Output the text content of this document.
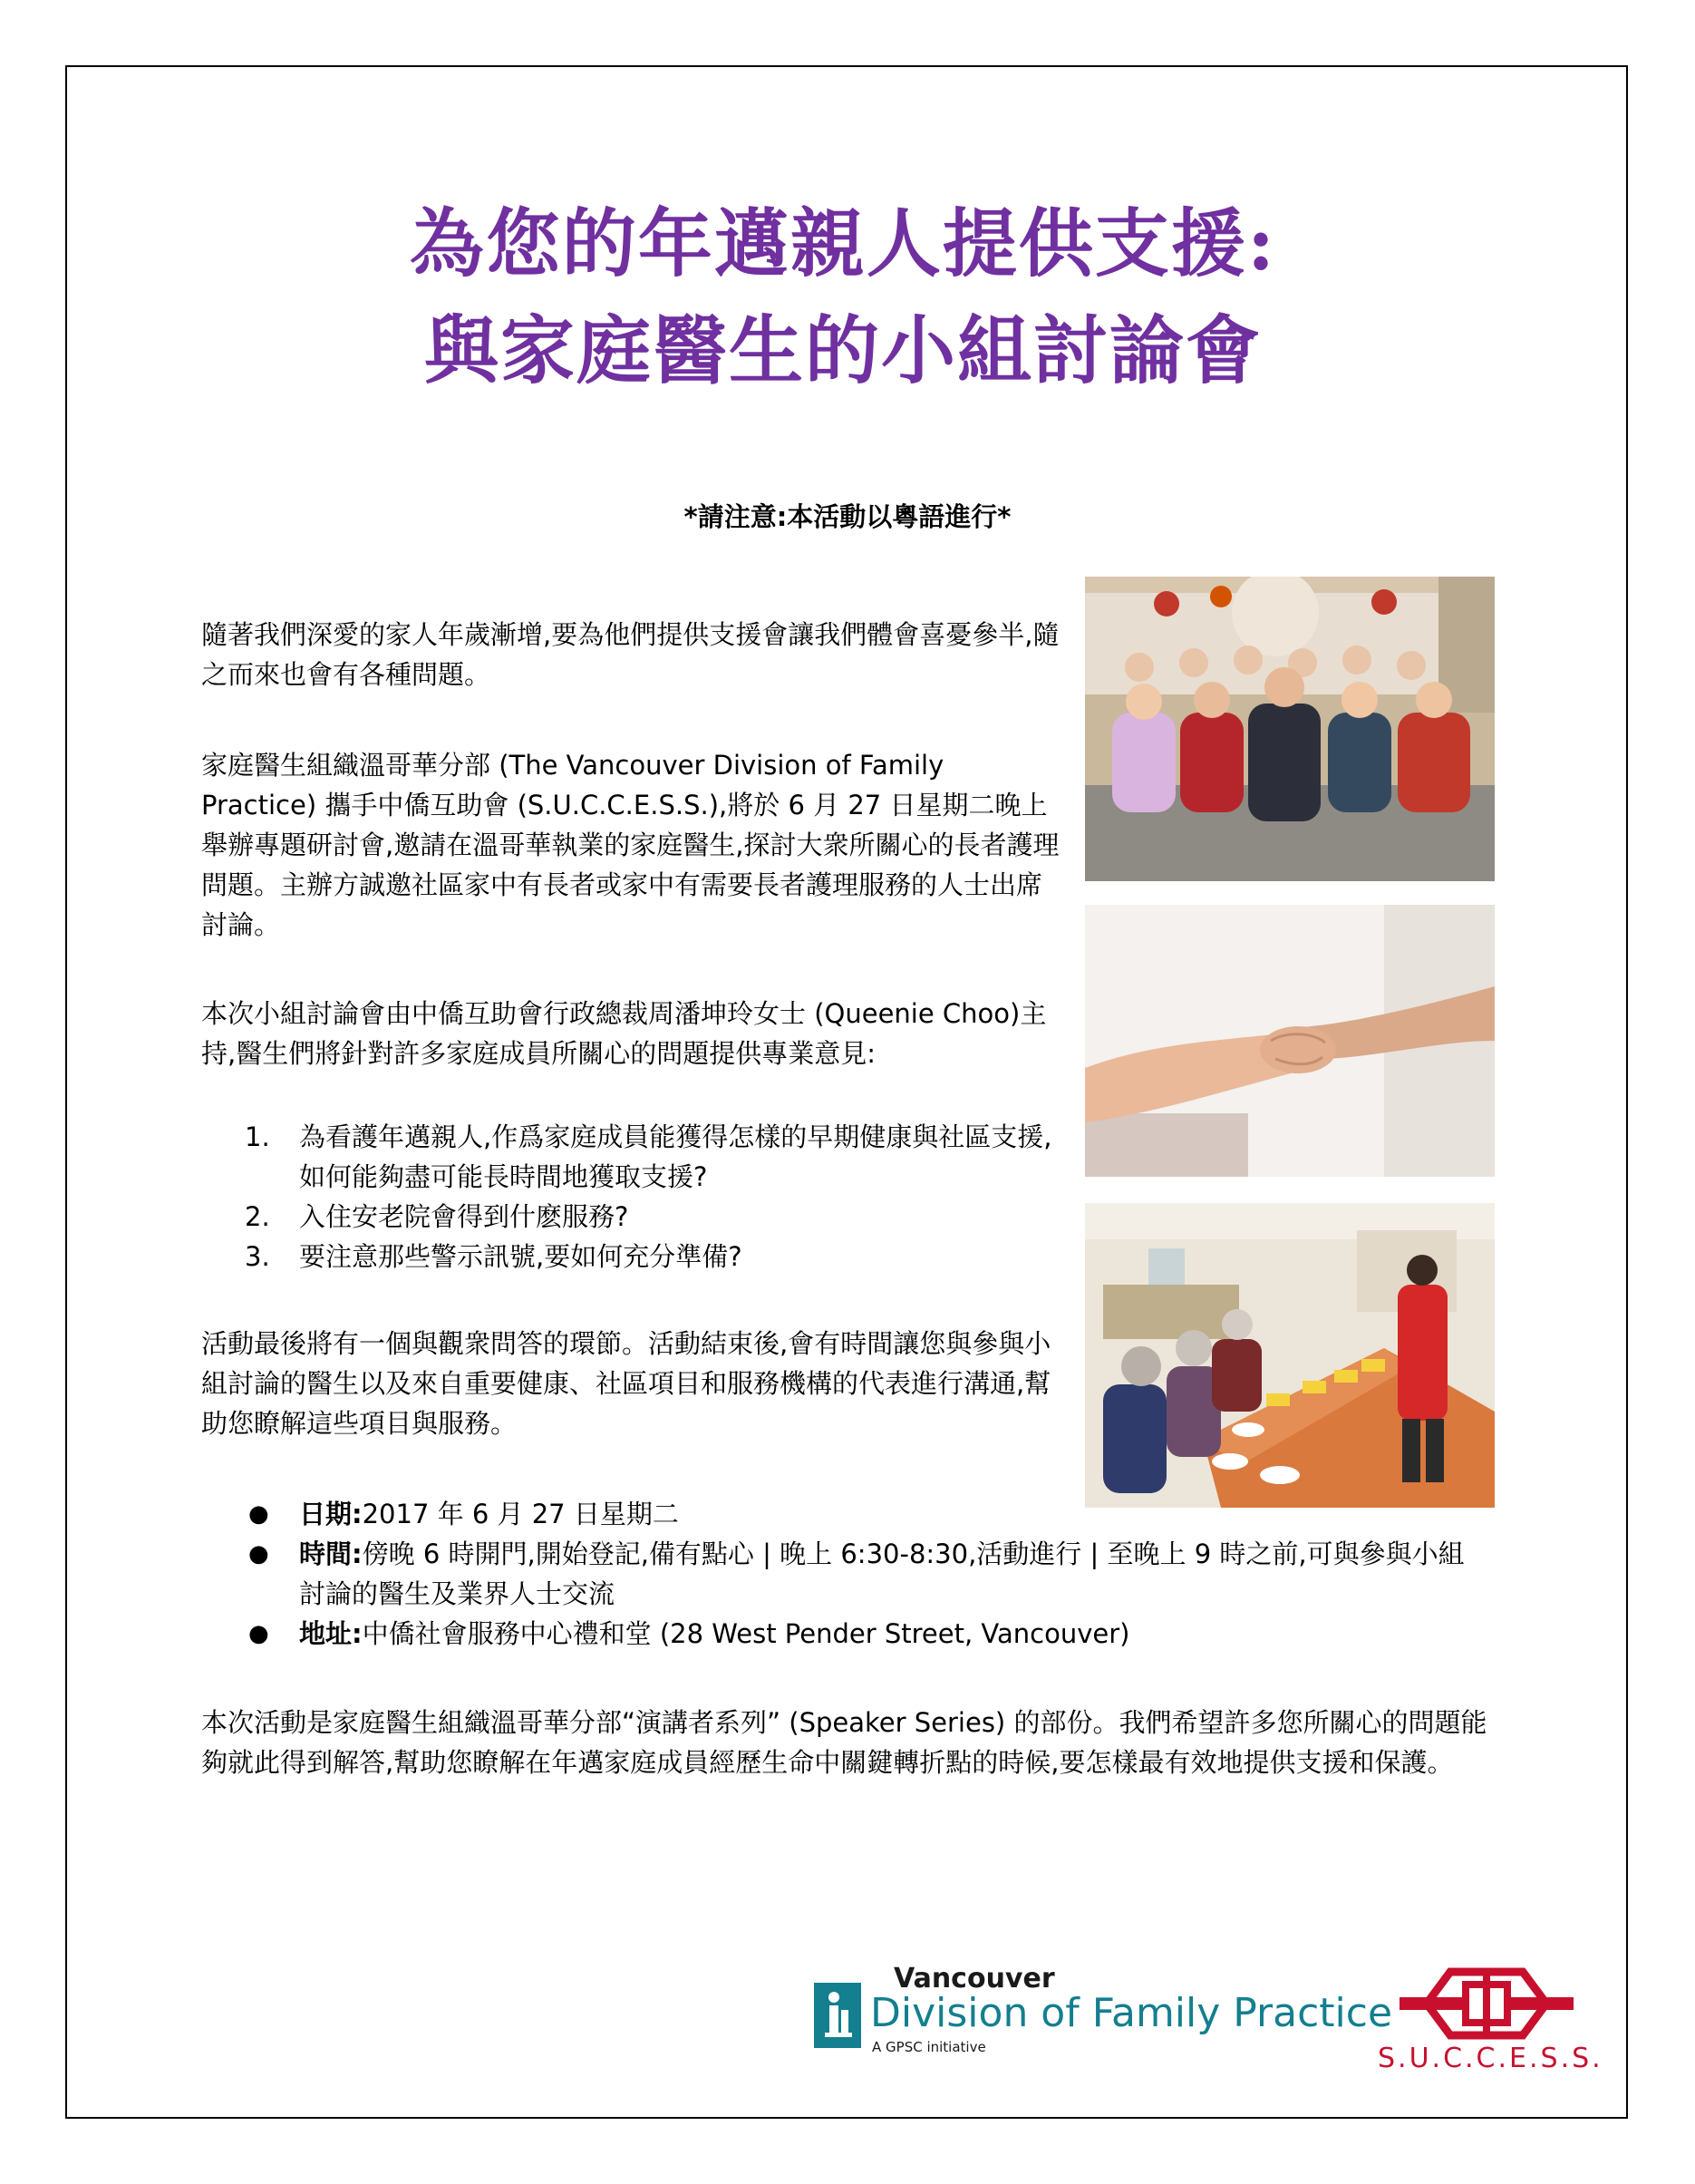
為您的年邁親人提供支援:
與家庭醫生的小組討論會
*請注意:本活動以粵語進行*

隨著我們深愛的家人年歲漸增,要為他們提供支援會讓我們體會喜憂參半,隨之而來也會有各種問題。

家庭醫生組織溫哥華分部 (The Vancouver Division of Family Practice) 攜手中僑互助會 (S.U.C.C.E.S.S.),將於 6 月 27 日星期二晚上舉辦專題研討會,邀請在溫哥華執業的家庭醫生,探討大衆所關心的長者護理問題。主辦方誠邀社區家中有長者或家中有需要長者護理服務的人士出席討論。

本次小組討論會由中僑互助會行政總裁周潘坤玲女士 (Queenie Choo)主持,醫生們將針對許多家庭成員所關心的問題提供專業意見:

1. 為看護年邁親人,作爲家庭成員能獲得怎樣的早期健康與社區支援,如何能夠盡可能長時間地獲取支援?
2. 入住安老院會得到什麽服務?
3. 要注意那些警示訊號,要如何充分準備?

活動最後將有一個與觀衆問答的環節。活動結束後,會有時間讓您與參與小組討論的醫生以及來自重要健康、社區項目和服務機構的代表進行溝通,幫助您瞭解這些項目與服務。

● 日期:2017 年 6 月 27 日星期二
● 時間:傍晚 6 時開門,開始登記,備有點心 | 晚上 6:30-8:30,活動進行 | 至晚上 9 時之前,可與參與小組討論的醫生及業界人士交流
● 地址:中僑社會服務中心禮和堂 (28 West Pender Street, Vancouver)

本次活動是家庭醫生組織溫哥華分部“演講者系列” (Speaker Series) 的部份。我們希望許多您所關心的問題能夠就此得到解答,幫助您瞭解在年邁家庭成員經歷生命中關鍵轉折點的時候,要怎樣最有效地提供支援和保護。

Vancouver
Division of Family Practice
A GPSC initiative	S.U.C.C.E.S.S.
